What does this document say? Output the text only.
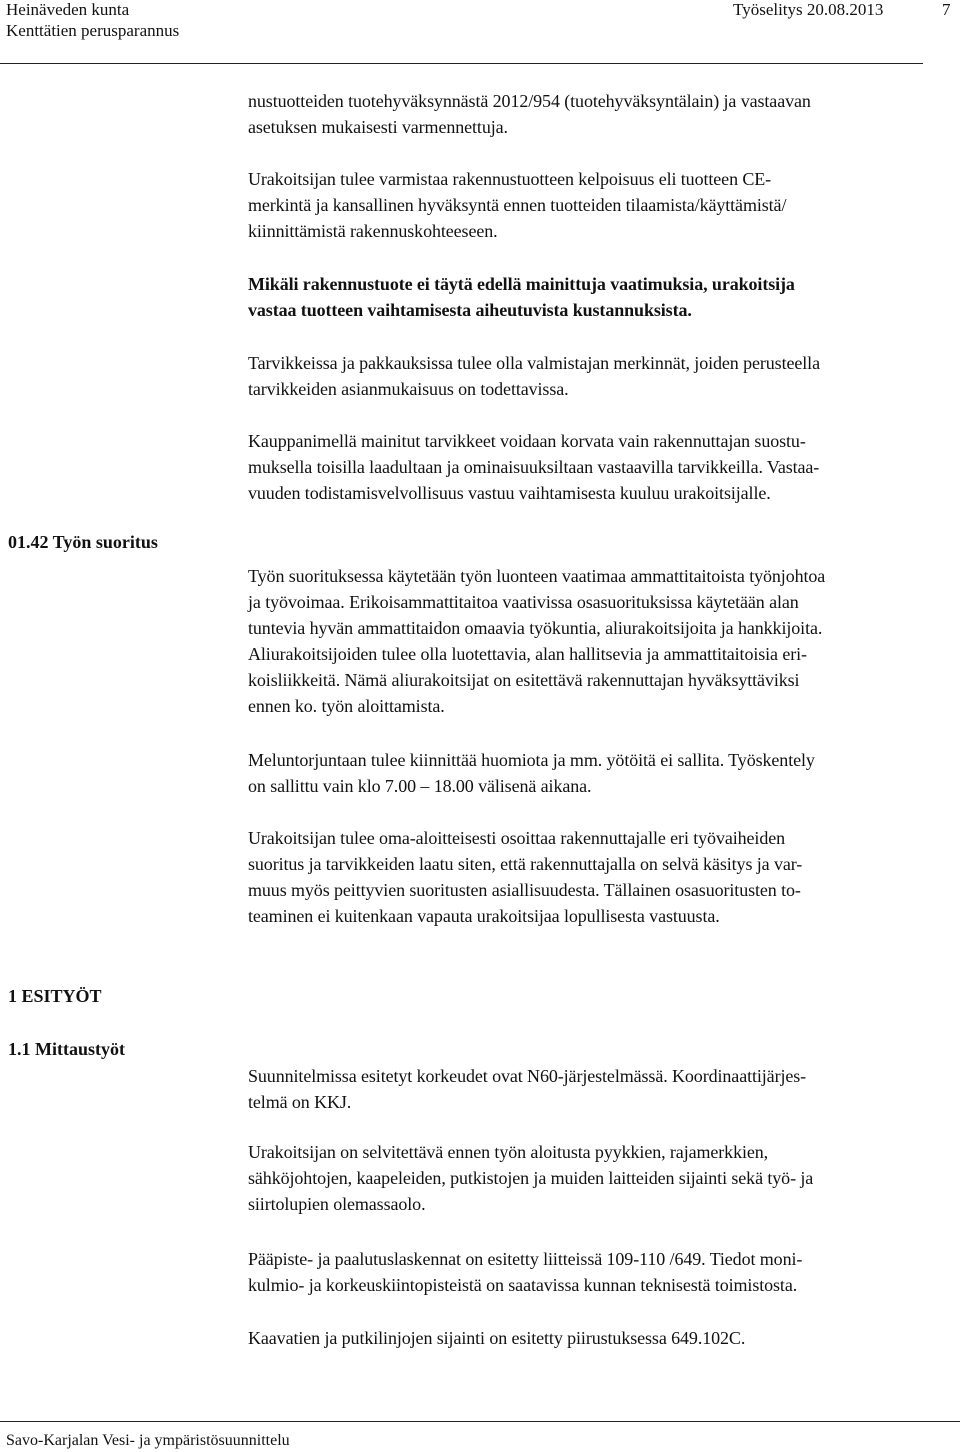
Heinäveden kunta
Kenttätien perusparannus
Työselitys 20.08.2013	7
nustuotteiden tuotehyväksynnästä 2012/954 (tuotehyväksyntälain) ja vastaavan
asetuksen mukaisesti varmennettuja.
Urakoitsijan tulee varmistaa rakennustuotteen kelpoisuus eli tuotteen CE-
merkintä ja kansallinen hyväksyntä ennen tuotteiden tilaamista/käyttämistä/
kiinnittämistä rakennuskohteeseen.
Mikäli rakennustuote ei täytä edellä mainittuja vaatimuksia, urakoitsija
vastaa tuotteen vaihtamisesta aiheutuvista kustannuksista.
Tarvikkeissa ja pakkauksissa tulee olla valmistajan merkinnät, joiden perusteella
tarvikkeiden asianmukaisuus on todettavissa.
Kauppanimellä mainitut tarvikkeet voidaan korvata vain rakennuttajan suostu-
muksella toisilla laadultaan ja ominaisuuksiltaan vastaavilla tarvikkeilla. Vastaa-
vuuden todistamisvelvollisuus vastuu vaihtamisesta kuuluu urakoitsijalle.
Työn suorituksessa käytetään työn luonteen vaatimaa ammattitaitoista työnjohtoa
ja työvoimaa. Erikoisammattitaitoa vaativissa osasuorituksissa käytetään alan
tuntevia hyvän ammattitaidon omaavia työkuntia, aliurakoitsijoita ja hankkijoita.
Aliurakoitsijoiden tulee olla luotettavia, alan hallitsevia ja ammattitaitoisia eri-
koisliikkeitä. Nämä aliurakoitsijat on esitettävä rakennuttajan hyväksyttäviksi
ennen ko. työn aloittamista.
Meluntorjuntaan tulee kiinnittää huomiota ja mm. yötöitä ei sallita. Työskentely
on sallittu vain klo 7.00 – 18.00 välisenä aikana.
Urakoitsijan tulee oma-aloitteisesti osoittaa rakennuttajalle eri työvaiheiden
suoritus ja tarvikkeiden laatu siten, että rakennuttajalla on selvä käsitys ja var-
muus myös peittyvien suoritusten asiallisuudesta. Tällainen osasuoritusten to-
teaminen ei kuitenkaan vapauta urakoitsijaa lopullisesta vastuusta.
Suunnitelmissa esitetyt korkeudet ovat N60-järjestelmässä. Koordinaattijärjes-
telmä on KKJ.
Urakoitsijan on selvitettävä ennen työn aloitusta pyykkien, rajamerkkien,
sähköjohtojen, kaapeleiden, putkistojen ja muiden laitteiden sijainti sekä työ- ja
siirtolupien olemassaolo.
Pääpiste- ja paalutuslaskennat on esitetty liitteissä 109-110 /649. Tiedot moni-
kulmio- ja korkeuskiintopisteistä on saatavissa kunnan teknisestä toimistosta.
Kaavatien ja putkilinjojen sijainti on esitetty piirustuksessa 649.102C.
01.42 Työn suoritus
1 ESITYÖT
1.1 Mittaustyöt
Savo-Karjalan Vesi- ja ympäristösuunnittelu
